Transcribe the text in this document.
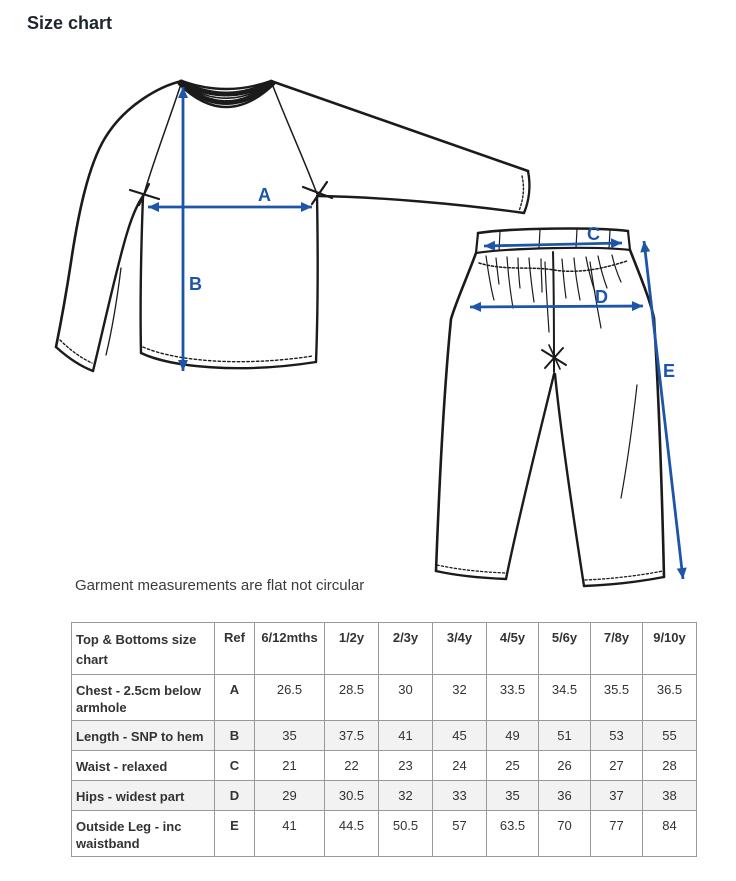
Size chart
A
B
C
D
E
Garment measurements are flat not circular
Top & Bottoms size chart	Ref	6/12mths	1/2y	2/3y	3/4y	4/5y	5/6y	7/8y	9/10y
Chest - 2.5cm below armhole	A	26.5	28.5	30	32	33.5	34.5	35.5	36.5
Length - SNP to hem	B	35	37.5	41	45	49	51	53	55
Waist - relaxed	C	21	22	23	24	25	26	27	28
Hips - widest part	D	29	30.5	32	33	35	36	37	38
Outside Leg - inc waistband	E	41	44.5	50.5	57	63.5	70	77	84
